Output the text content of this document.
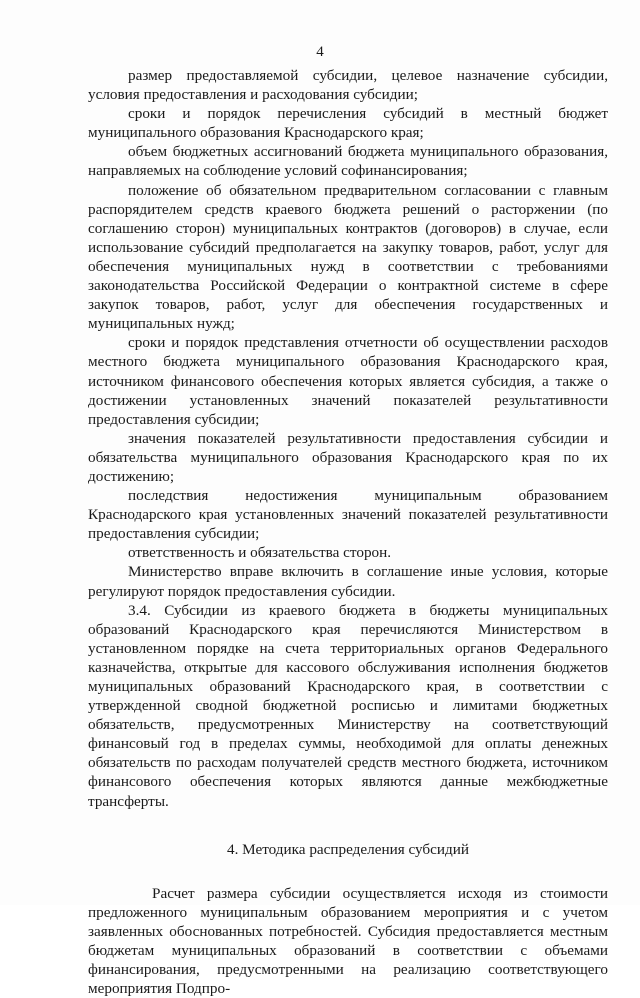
4

размер предоставляемой субсидии, целевое назначение субсидии, условия предоставления и расходования субсидии;

сроки и порядок перечисления субсидий в местный бюджет муниципального образования Краснодарского края;

объем бюджетных ассигнований бюджета муниципального образования, направляемых на соблюдение условий софинансирования;

положение об обязательном предварительном согласовании с главным распорядителем средств краевого бюджета решений о расторжении (по соглашению сторон) муниципальных контрактов (договоров) в случае, если использование субсидий предполагается на закупку товаров, работ, услуг для обеспечения муниципальных нужд в соответствии с требованиями законодательства Российской Федерации о контрактной системе в сфере закупок товаров, работ, услуг для обеспечения государственных и муниципальных нужд;

сроки и порядок представления отчетности об осуществлении расходов местного бюджета муниципального образования Краснодарского края, источником финансового обеспечения которых является субсидия, а также о достижении установленных значений показателей результативности предоставления субсидии;

значения показателей результативности предоставления субсидии и обязательства муниципального образования Краснодарского края по их достижению;

последствия недостижения муниципальным образованием Краснодарского края установленных значений показателей результативности предоставления субсидии;

ответственность и обязательства сторон.

Министерство вправе включить в соглашение иные условия, которые регулируют порядок предоставления субсидии.

3.4. Субсидии из краевого бюджета в бюджеты муниципальных образований Краснодарского края перечисляются Министерством в установленном порядке на счета территориальных органов Федерального казначейства, открытые для кассового обслуживания исполнения бюджетов муниципальных образований Краснодарского края, в соответствии с утвержденной сводной бюджетной росписью и лимитами бюджетных обязательств, предусмотренных Министерству на соответствующий финансовый год в пределах суммы, необходимой для оплаты денежных обязательств по расходам получателей средств местного бюджета, источником финансового обеспечения которых являются данные межбюджетные трансферты.

4. Методика распределения субсидий

Расчет размера субсидии осуществляется исходя из стоимости предложенного муниципальным образованием мероприятия и с учетом заявленных обоснованных потребностей. Субсидия предоставляется местным бюджетам муниципальных образований в соответствии с объемами финансирования, предусмотренными на реализацию соответствующего мероприятия Подпро-
